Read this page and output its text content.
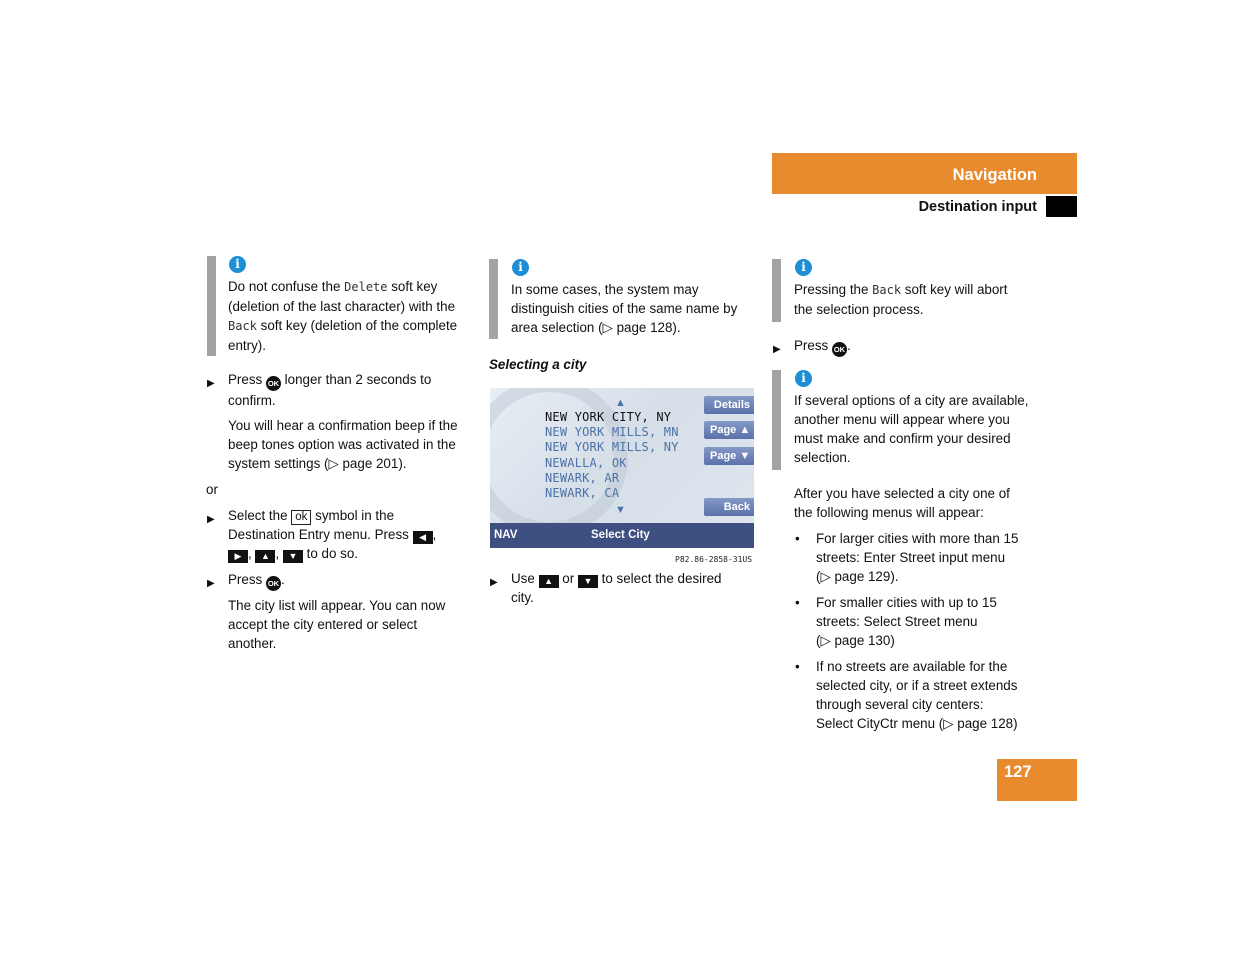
Navigation
Destination input
i
Do not confuse the Delete soft key
(deletion of the last character) with the
Back soft key (deletion of the complete
entry).
▶ Press OK longer than 2 seconds to
confirm.
You will hear a confirmation beep if the
beep tones option was activated in the
system settings (▷ page 201).
or
▶ Select the ok symbol in the
Destination Entry menu. Press ◀ ,
▶ , ▲ , ▼ to do so.
▶ Press OK .
The city list will appear. You can now
accept the city entered or select
another.
i
In some cases, the system may
distinguish cities of the same name by
area selection (▷ page 128).
Selecting a city
▲
NEW YORK CITY, NY
NEW YORK MILLS, MN
NEW YORK MILLS, NY
NEWALLA, OK
NEWARK, AR
NEWARK, CA
▼
Details
Page ▲
Page ▼
Back
NAV	Select City
P82.86-2858-31US
▶ Use ▲ or ▼ to select the desired
city.
i
Pressing the Back soft key will abort
the selection process.
▶ Press OK .
i
If several options of a city are available,
another menu will appear where you
must make and confirm your desired
selection.
After you have selected a city one of
the following menus will appear:
• For larger cities with more than 15
streets: Enter Street input menu
(▷ page 129).
• For smaller cities with up to 15
streets: Select Street menu
(▷ page 130)
• If no streets are available for the
selected city, or if a street extends
through several city centers:
Select CityCtr menu (▷ page 128)
127
